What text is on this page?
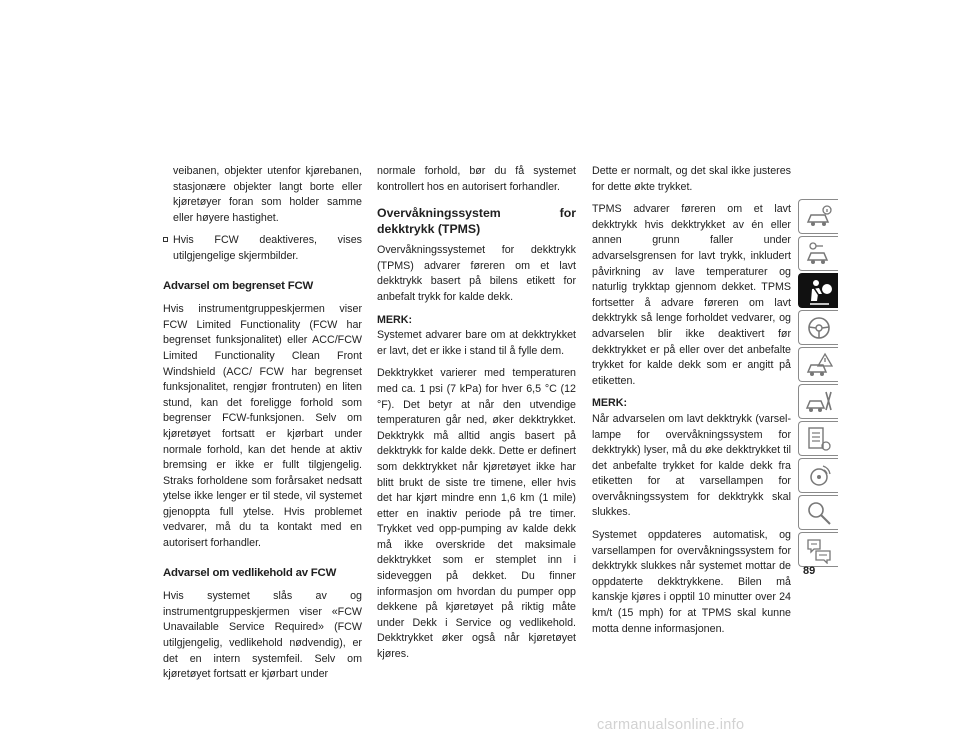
veibanen, objekter utenfor kjørebanen, stasjonære objekter langt borte eller kjøretøyer foran som holder samme eller høyere hastighet.

Hvis FCW deaktiveres, vises utilgjengelige skjermbilder.
Advarsel om begrenset FCW

Hvis instrumentgruppeskjermen viser FCW Limited Functionality (FCW har begrenset funksjonalitet) eller ACC/FCW Limited Functionality Clean Front Windshield (ACC/ FCW har begrenset funksjonalitet, rengjør frontruten) en liten stund, kan det foreligge forhold som begrenser FCW-funksjonen. Selv om kjøretøyet fortsatt er kjørbart under normale forhold, kan det hende at aktiv bremsing er ikke er fullt tilgjengelig. Straks forholdene som forårsaket nedsatt ytelse ikke lenger er til stede, vil systemet gjenoppta full ytelse. Hvis problemet vedvarer, må du ta kontakt med en autorisert forhandler.

Advarsel om vedlikehold av FCW

Hvis systemet slås av og instrumentgruppeskjermen viser «FCW Unavailable Service Required» (FCW utilgjengelig, vedlikehold nødvendig), er det en intern systemfeil. Selv om kjøretøyet fortsatt er kjørbart under

normale forhold, bør du få systemet kontrollert hos en autorisert forhandler.

Overvåkningssystem for dekktrykk (TPMS)

Overvåkningssystemet for dekktrykk (TPMS) advarer føreren om et lavt dekktrykk basert på bilens etikett for anbefalt trykk for kalde dekk.

MERK:
Systemet advarer bare om at dekktrykket er lavt, det er ikke i stand til å fylle dem.

Dekktrykket varierer med temperaturen med ca. 1 psi (7 kPa) for hver 6,5 °C (12 °F). Det betyr at når den utvendige temperaturen går ned, øker dekktrykket. Dekktrykk må alltid angis basert på dekktrykk for kalde dekk. Dette er definert som dekktrykket når kjøretøyet ikke har blitt brukt de siste tre timene, eller hvis det har kjørt mindre enn 1,6 km (1 mile) etter en inaktiv periode på tre timer. Trykket ved opp-pumping av kalde dekk må ikke overskride det maksimale dekktrykket som er stemplet inn i sideveggen på dekket. Du finner informasjon om hvordan du pumper opp dekkene på kjøretøyet på riktig måte under Dekk i Service og vedlikehold. Dekktrykket øker også når kjøretøyet kjøres.

Dette er normalt, og det skal ikke justeres for dette økte trykket.

TPMS advarer føreren om et lavt dekktrykk hvis dekktrykket av én eller annen grunn faller under advarselsgrensen for lavt trykk, inkludert påvirkning av lave temperaturer og naturlig trykktap gjennom dekket. TPMS fortsetter å advare føreren om lavt dekktrykk så lenge forholdet vedvarer, og advarselen blir ikke deaktivert før dekktrykket er på eller over det anbefalte trykket for kalde dekk som er angitt på etiketten.

MERK:
Når advarselen om lavt dekktrykk (varsellampe for overvåkningssystem for dekktrykk) lyser, må du øke dekktrykket til det anbefalte trykket for kalde dekk fra etiketten for at varsellampen for overvåkningssystem for dekktrykk skal slukkes.

Systemet oppdateres automatisk, og varsellampen for overvåkningssystem for dekktrykk slukkes når systemet mottar de oppdaterte dekktrykkene. Bilen må kanskje kjøres i opptil 10 minutter over 24 km/t (15 mph) for at TPMS skal kunne motta denne informasjonen.

89
carmanualsonline.info
